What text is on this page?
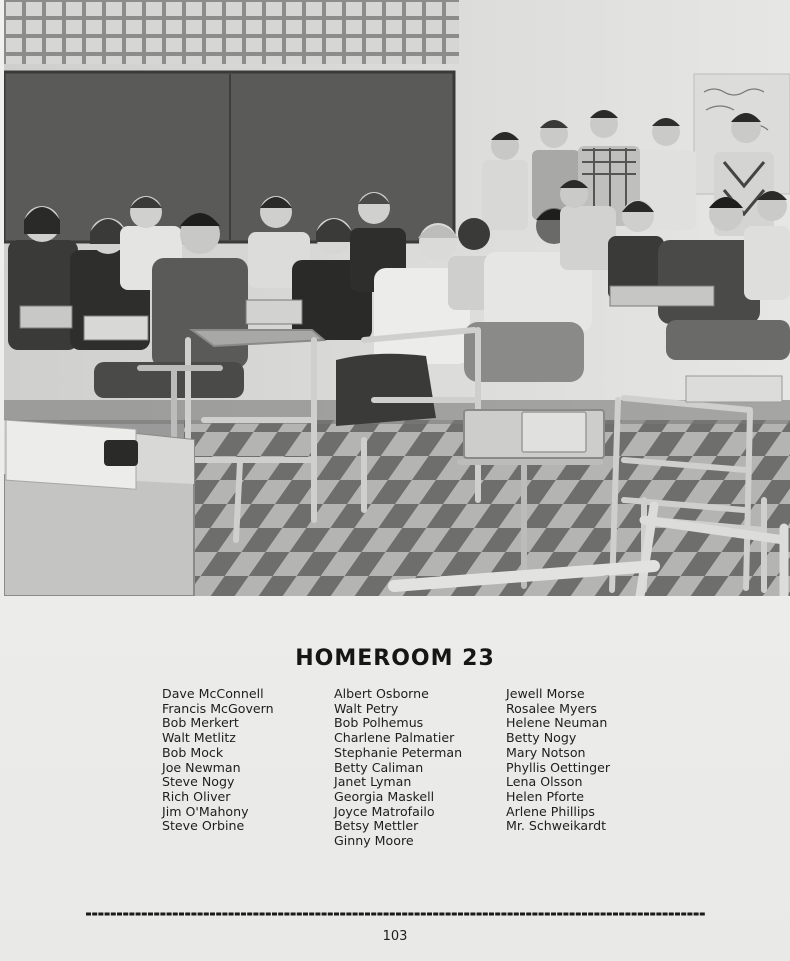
HOMEROOM 23
Dave McConnell
Francis McGovern
Bob Merkert
Walt Metlitz
Bob Mock
Joe Newman
Steve Nogy
Rich Oliver
Jim O'Mahony
Steve Orbine
Albert Osborne
Walt Petry
Bob Polhemus
Charlene Palmatier
Stephanie Peterman
Betty Caliman
Janet Lyman
Georgia Maskell
Joyce Matrofailo
Betsy Mettler
Ginny Moore
Jewell Morse
Rosalee Myers
Helene Neuman
Betty Nogy
Mary Notson
Phyllis Oettinger
Lena Olsson
Helen Pforte
Arlene Phillips
Mr. Schweikardt
103
